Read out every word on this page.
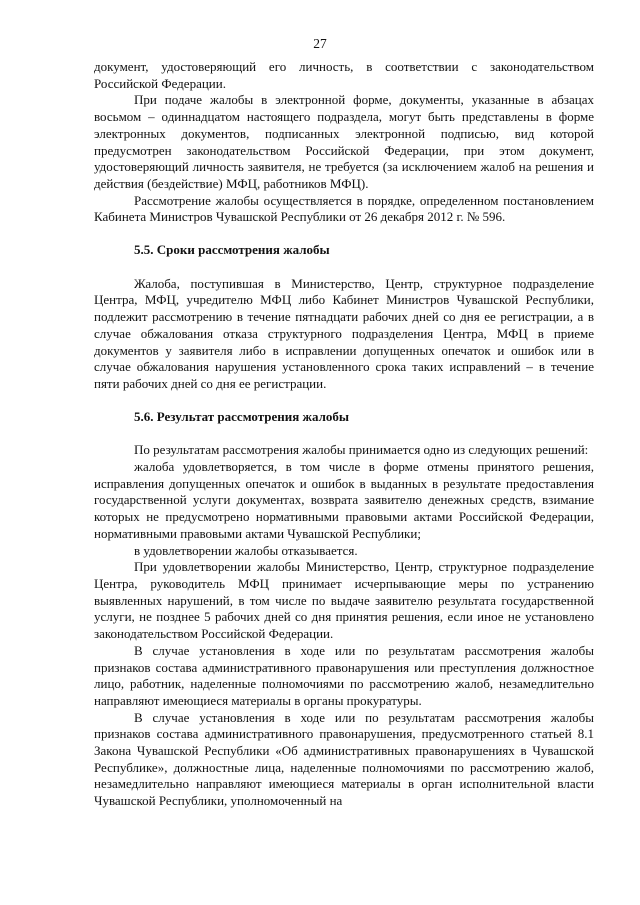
27

документ, удостоверяющий его личность, в соответствии с законодательством Российской Федерации.

При подаче жалобы в электронной форме, документы, указанные в абзацах восьмом – одиннадцатом настоящего подраздела, могут быть представлены в форме электронных документов, подписанных электронной подписью, вид которой предусмотрен законодательством Российской Федерации, при этом документ, удостоверяющий личность заявителя, не требуется (за исключением жалоб на решения и действия (бездействие) МФЦ, работников МФЦ).

Рассмотрение жалобы осуществляется в порядке, определенном постановлением Кабинета Министров Чувашской Республики от 26 декабря 2012 г. № 596.

5.5. Сроки рассмотрения жалобы

Жалоба, поступившая в Министерство, Центр, структурное подразделение Центра, МФЦ, учредителю МФЦ либо Кабинет Министров Чувашской Республики, подлежит рассмотрению в течение пятнадцати рабочих дней со дня ее регистрации, а в случае обжалования отказа структурного подразделения Центра, МФЦ в приеме документов у заявителя либо в исправлении допущенных опечаток и ошибок или в случае обжалования нарушения установленного срока таких исправлений – в течение пяти рабочих дней со дня ее регистрации.

5.6. Результат рассмотрения жалобы

По результатам рассмотрения жалобы принимается одно из следующих решений:

жалоба удовлетворяется, в том числе в форме отмены принятого решения, исправления допущенных опечаток и ошибок в выданных в результате предоставления государственной услуги документах, возврата заявителю денежных средств, взимание которых не предусмотрено нормативными правовыми актами Российской Федерации, нормативными правовыми актами Чувашской Республики;

в удовлетворении жалобы отказывается.

При удовлетворении жалобы Министерство, Центр, структурное подразделение Центра, руководитель МФЦ принимает исчерпывающие меры по устранению выявленных нарушений, в том числе по выдаче заявителю результата государственной услуги, не позднее 5 рабочих дней со дня принятия решения, если иное не установлено законодательством Российской Федерации.

В случае установления в ходе или по результатам рассмотрения жалобы признаков состава административного правонарушения или преступления должностное лицо, работник, наделенные полномочиями по рассмотрению жалоб, незамедлительно направляют имеющиеся материалы в органы прокуратуры.

В случае установления в ходе или по результатам рассмотрения жалобы признаков состава административного правонарушения, предусмотренного статьей 8.1 Закона Чувашской Республики «Об административных правонарушениях в Чувашской Республике», должностные лица, наделенные полномочиями по рассмотрению жалоб, незамедлительно направляют имеющиеся материалы в орган исполнительной власти Чувашской Республики, уполномоченный на
